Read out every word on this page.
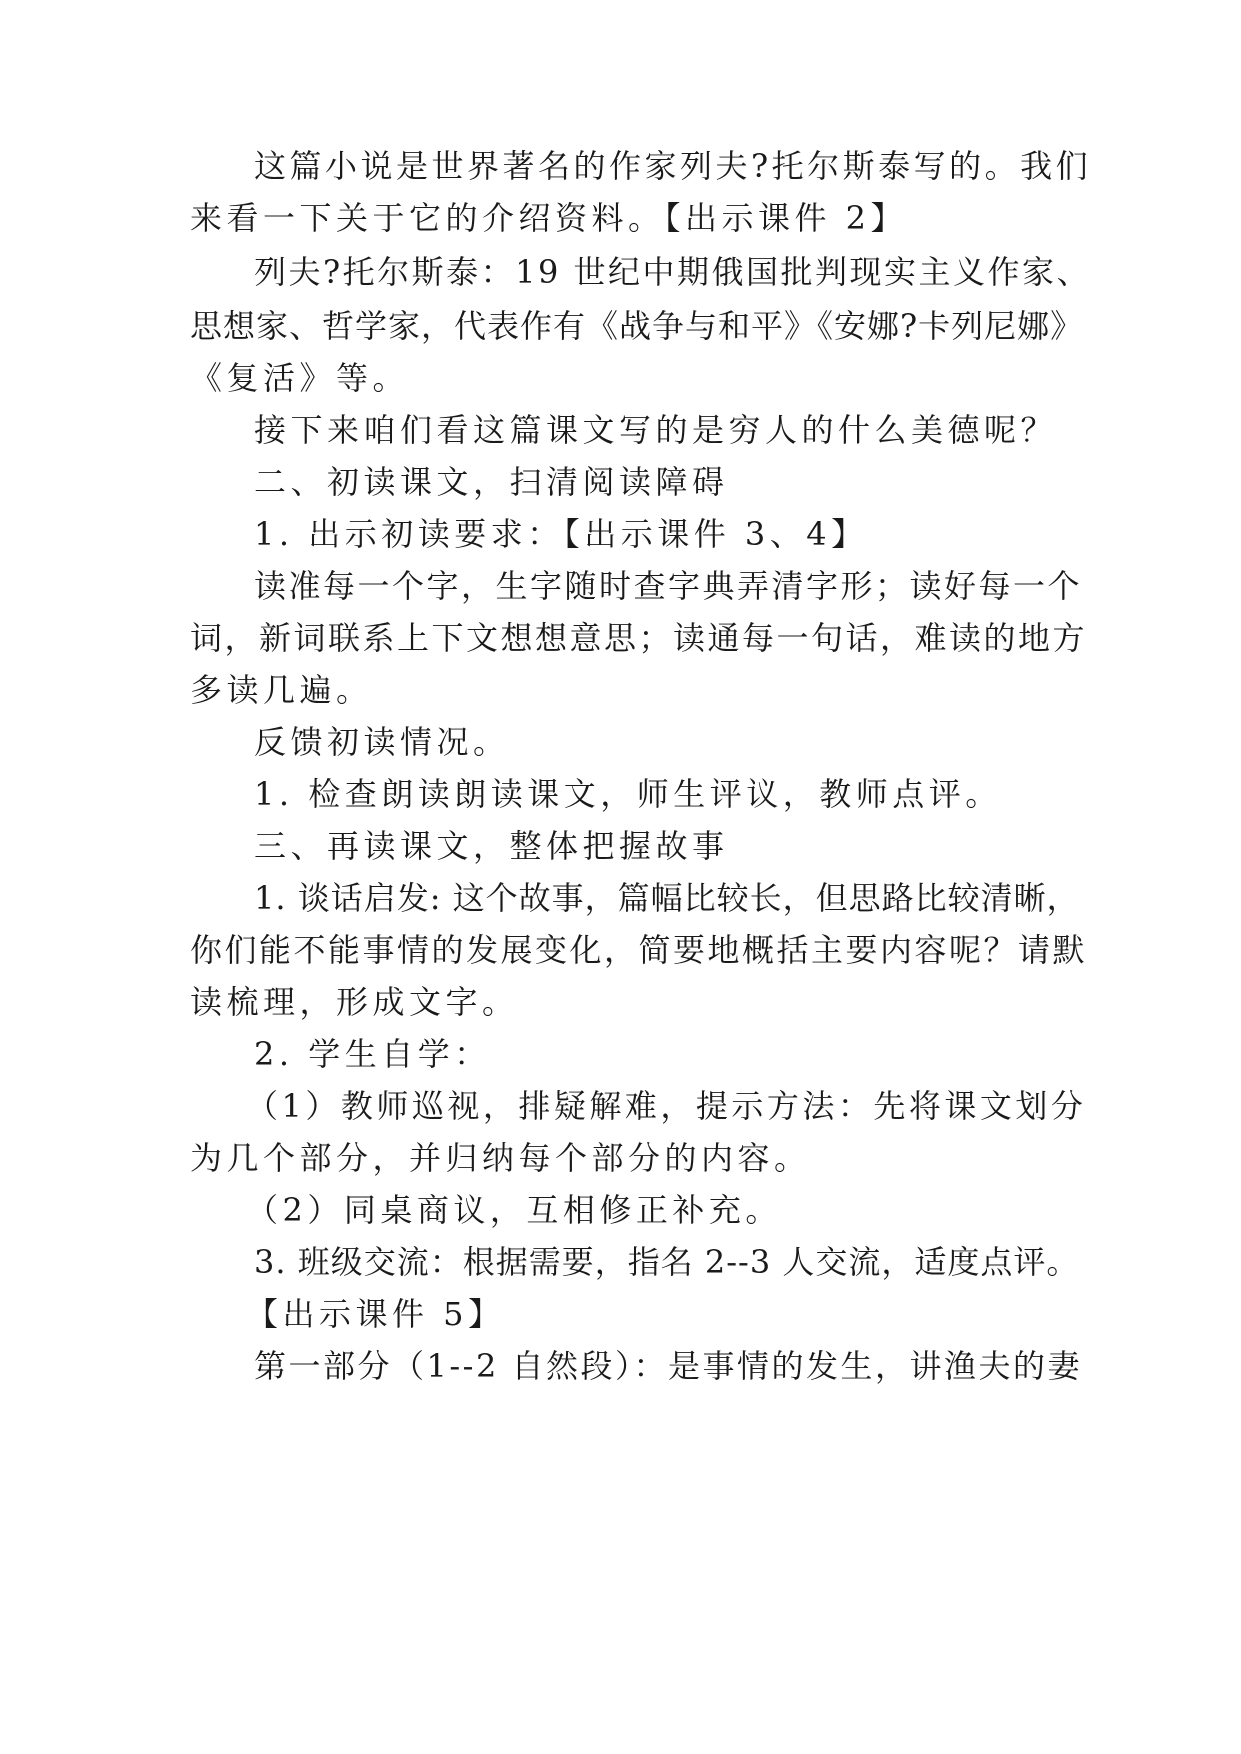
这篇小说是世界著名的作家列夫?托尔斯泰写的。我们
来看一下关于它的介绍资料。【出示课件 2】
列夫?托尔斯泰：19 世纪中期俄国批判现实主义作家、
思想家、哲学家，代表作有《战争与和平》《安娜?卡列尼娜》
《复活》等。
接下来咱们看这篇课文写的是穷人的什么美德呢？
二、初读课文，扫清阅读障碍
1. 出示初读要求：【出示课件 3、4】
读准每一个字，生字随时查字典弄清字形；读好每一个
词，新词联系上下文想想意思；读通每一句话，难读的地方
多读几遍。
反馈初读情况。
1. 检查朗读朗读课文，师生评议，教师点评。
三、再读课文，整体把握故事
1. 谈话启发: 这个故事，篇幅比较长，但思路比较清晰，
你们能不能事情的发展变化，简要地概括主要内容呢？请默
读梳理，形成文字。
2. 学生自学：
（1）教师巡视，排疑解难，提示方法：先将课文划分
为几个部分，并归纳每个部分的内容。
（2）同桌商议，互相修正补充。
3. 班级交流：根据需要，指名 2--3 人交流，适度点评。
【出示课件 5】
第一部分（1--2 自然段）：是事情的发生，讲渔夫的妻
